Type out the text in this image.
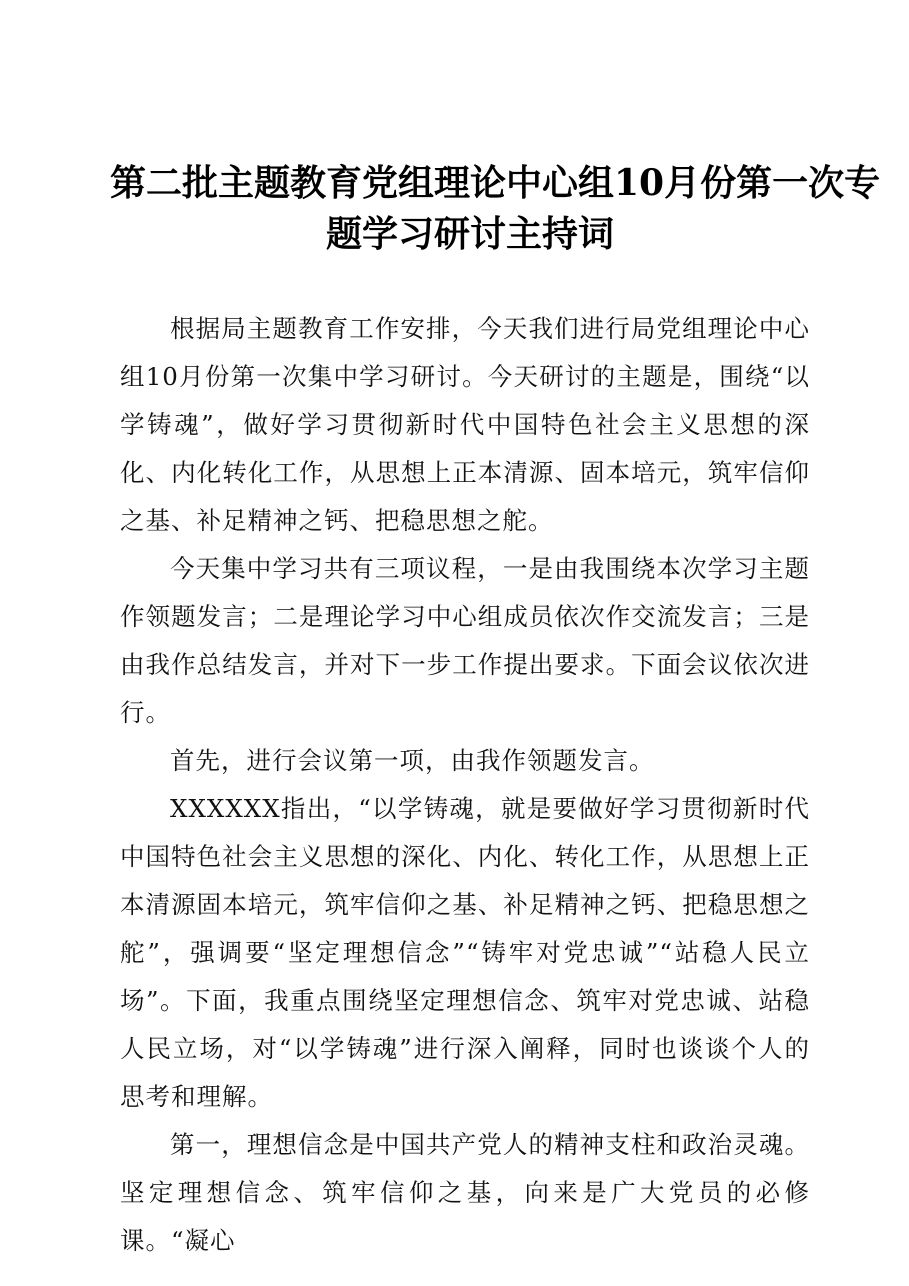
第二批主题教育党组理论中心组10月份第一次专
题学习研讨主持词

根据局主题教育工作安排，今天我们进行局党组理论中心组10月份第一次集中学习研讨。今天研讨的主题是，围绕“以学铸魂”，做好学习贯彻新时代中国特色社会主义思想的深化、内化转化工作，从思想上正本清源、固本培元，筑牢信仰之基、补足精神之钙、把稳思想之舵。

今天集中学习共有三项议程，一是由我围绕本次学习主题作领题发言；二是理论学习中心组成员依次作交流发言；三是由我作总结发言，并对下一步工作提出要求。下面会议依次进行。

首先，进行会议第一项，由我作领题发言。

XXXXXX指出，“以学铸魂，就是要做好学习贯彻新时代中国特色社会主义思想的深化、内化、转化工作，从思想上正本清源固本培元，筑牢信仰之基、补足精神之钙、把稳思想之舵”，强调要“坚定理想信念”“铸牢对党忠诚”“站稳人民立场”。下面，我重点围绕坚定理想信念、筑牢对党忠诚、站稳人民立场，对“以学铸魂”进行深入阐释，同时也谈谈个人的思考和理解。

第一，理想信念是中国共产党人的精神支柱和政治灵魂。坚定理想信念、筑牢信仰之基，向来是广大党员的必修课。“凝心
